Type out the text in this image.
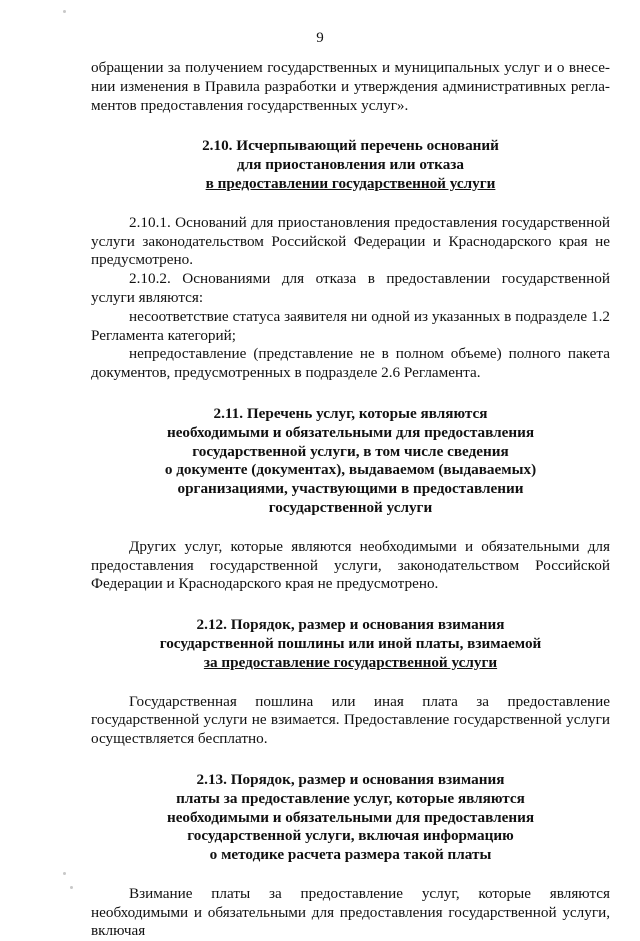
9
обращении за получением государственных и муниципальных услуг и о внесе-
нии изменения в Правила разработки и утверждения административных регла-
ментов предоставления государственных услуг».
2.10. Исчерпывающий перечень оснований
для приостановления или отказа
в предоставлении государственной услуги

2.10.1. Оснований для приостановления предоставления государственной услуги законодательством Российской Федерации и Краснодарского края не предусмотрено.

2.10.2. Основаниями для отказа в предоставлении государственной услуги являются:

несоответствие статуса заявителя ни одной из указанных в подразделе 1.2 Регламента категорий;

непредоставление (представление не в полном объеме) полного пакета документов, предусмотренных в подразделе 2.6 Регламента.

2.11. Перечень услуг, которые являются
необходимыми и обязательными для предоставления
государственной услуги, в том числе сведения
о документе (документах), выдаваемом (выдаваемых)
организациями, участвующими в предоставлении
государственной услуги

Других услуг, которые являются необходимыми и обязательными для предоставления государственной услуги, законодательством Российской Федерации и Краснодарского края не предусмотрено.

2.12. Порядок, размер и основания взимания
государственной пошлины или иной платы, взимаемой
за предоставление государственной услуги

Государственная пошлина или иная плата за предоставление государственной услуги не взимается. Предоставление государственной услуги осуществляется бесплатно.

2.13. Порядок, размер и основания взимания
платы за предоставление услуг, которые являются
необходимыми и обязательными для предоставления
государственной услуги, включая информацию
о методике расчета размера такой платы

Взимание платы за предоставление услуг, которые являются необходимыми и обязательными для предоставления государственной услуги, включая
